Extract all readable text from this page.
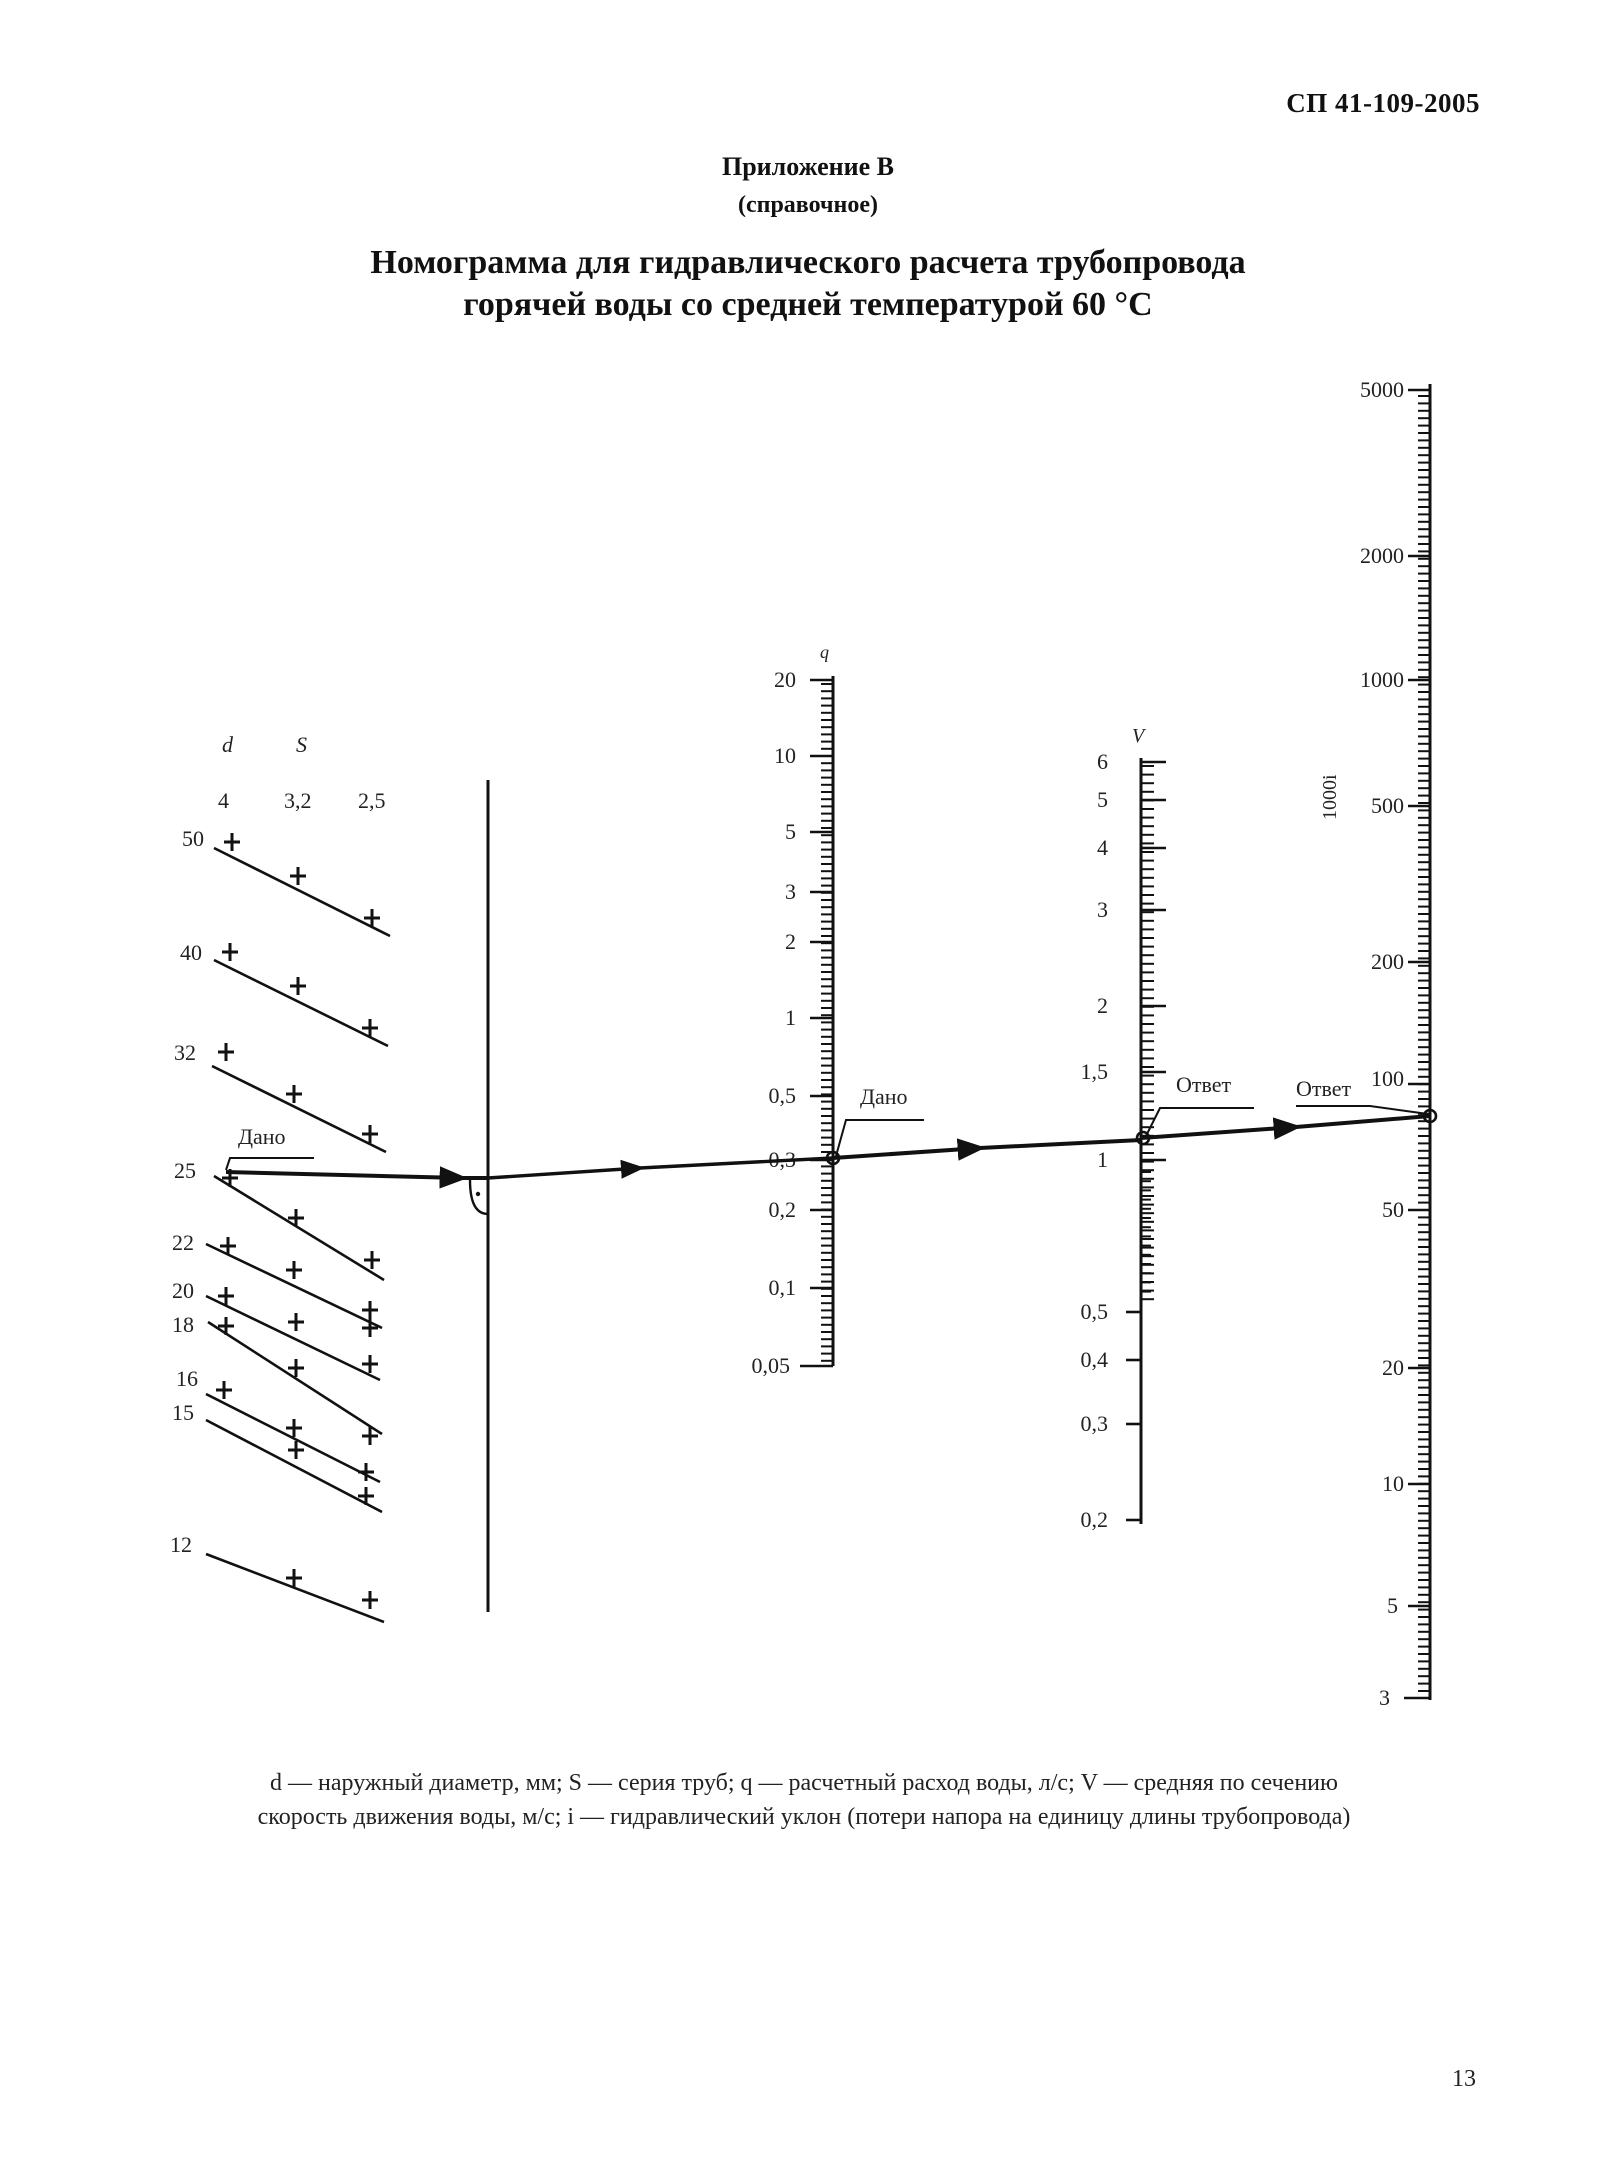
СП 41-109-2005
Приложение В
(справочное)
Номограмма для гидравлического расчета трубопровода
горячей воды со средней температурой 60 °С
d	S
4	3,2 2,5
50
40
32
25
22
20
18
16
15
12
q
20
10
5
3
2
1
0,5
0,3
0,2
0,1
0,05
V
6
5
4
3
2
1,5
1
0,5
0,4
0,3
0,2
1000i
5000
2000
1000
500
200
100
50
20
10
5
3
Дано
Дано	Ответ	Ответ
d — наружный диаметр, мм; S — серия труб; q — расчетный расход воды, л/с; V — средняя по сечению
скорость движения воды, м/с; i — гидравлический уклон (потери напора на единицу длины трубопровода)
13
